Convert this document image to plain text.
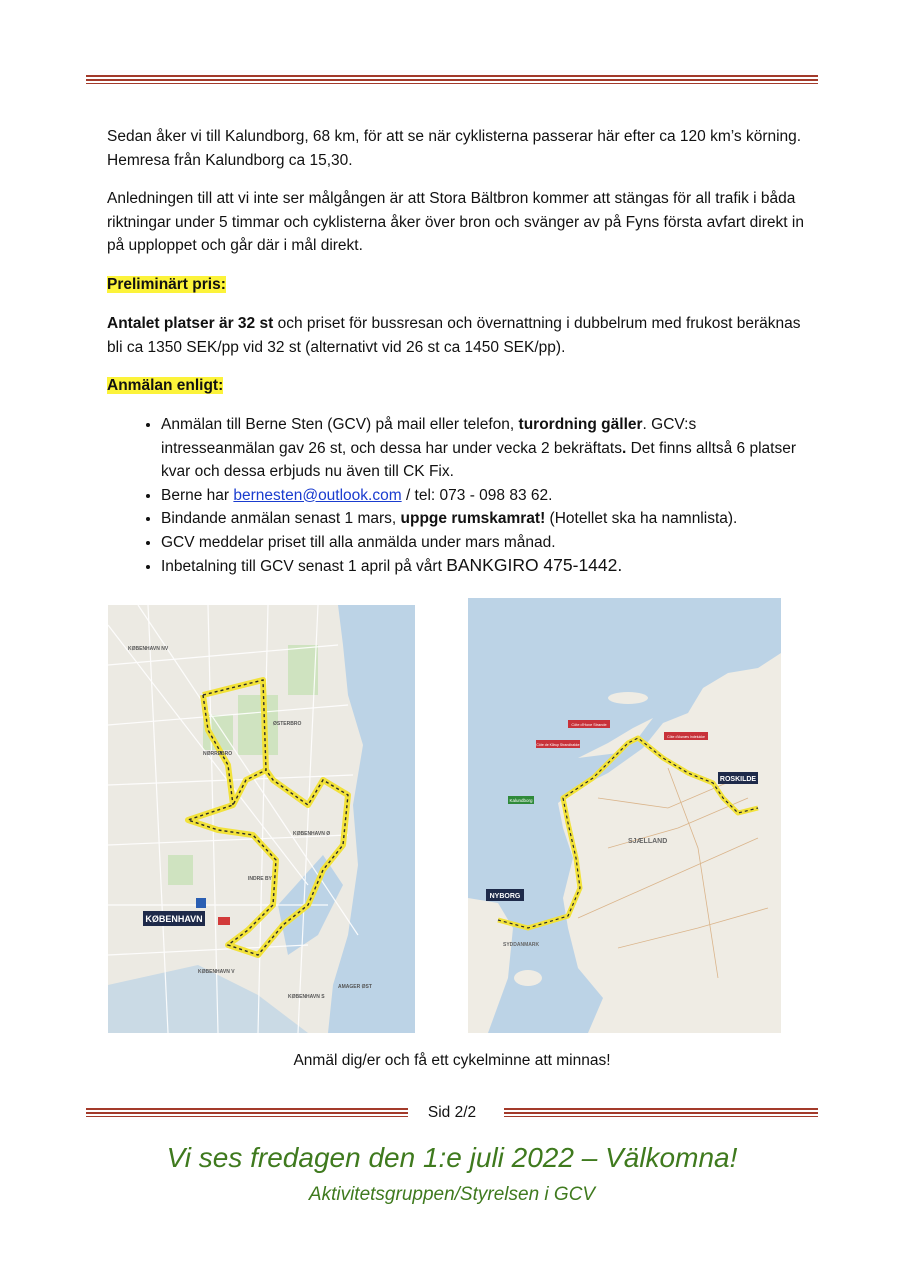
Sedan åker vi till Kalundborg, 68 km, för att se när cyklisterna passerar här efter ca 120 km’s körning.
Hemresa från Kalundborg ca 15,30.
Anledningen till att vi inte ser målgången är att Stora Bältbron kommer att stängas för all trafik i båda riktningar under 5 timmar och cyklisterna åker över bron och svänger av på Fyns första avfart direkt in på upploppet och går där i mål direkt.
Preliminärt pris:
Antalet platser är 32 st och priset för bussresan och övernattning i dubbelrum med frukost beräknas bli ca 1350 SEK/pp vid 32 st (alternativt vid 26 st ca 1450 SEK/pp).
Anmälan enligt:
• Anmälan till Berne Sten (GCV) på mail eller telefon, turordning gäller. GCV:s intresseanmälan gav 26 st, och dessa har under vecka 2 bekräftats. Det finns alltså 6 platser kvar och dessa erbjuds nu även till CK Fix.
• Berne har bernesten@outlook.com / tel: 073 - 098 83 62.
• Bindande anmälan senast 1 mars, uppge rumskamrat! (Hotellet ska ha namnlista).
• GCV meddelar priset till alla anmälda under mars månad.
• Inbetalning till GCV senast 1 april på vårt BANKGIRO 475-1442.
KØBENHAVN
KØBENHAVN NV
NØRREBRO
ØSTERBRO
KØBENHAVN Ø
INDRE BY
KØBENHAVN V
KØBENHAVN S
AMAGER ØST
ROSKILDE
NYBORG
Kalundborg
Côte d'Hove Strande
Côte de Kårup Strandbakke
Côte d'Asnæs Indelukke
SJÆLLAND
SYDDANMARK
Anmäl dig/er och få ett cykelminne att minnas!
Sid 2/2
Vi ses fredagen den 1:e juli 2022 – Välkomna!
Aktivitetsgruppen/Styrelsen i GCV
